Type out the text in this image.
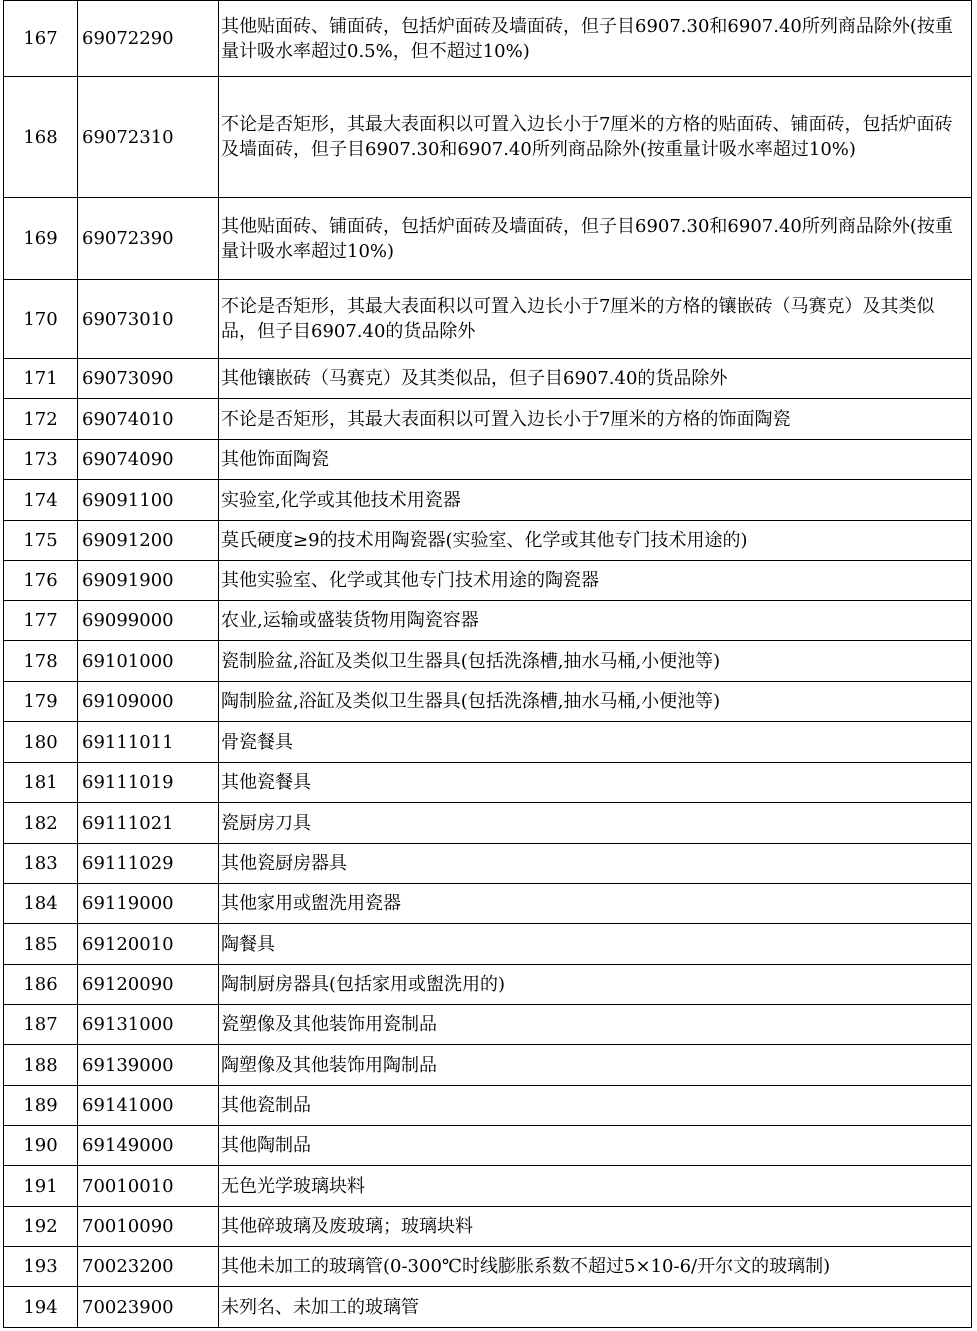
167	69072290	其他贴面砖、铺面砖，包括炉面砖及墙面砖，但子目6907.30和6907.40所列商品除外(按重量计吸水率超过0.5%，但不超过10%)
168	69072310	不论是否矩形，其最大表面积以可置入边长小于7厘米的方格的贴面砖、铺面砖，包括炉面砖及墙面砖，但子目6907.30和6907.40所列商品除外(按重量计吸水率超过10%)
169	69072390	其他贴面砖、铺面砖，包括炉面砖及墙面砖，但子目6907.30和6907.40所列商品除外(按重量计吸水率超过10%)
170	69073010	不论是否矩形，其最大表面积以可置入边长小于7厘米的方格的镶嵌砖（马赛克）及其类似品，但子目6907.40的货品除外
171	69073090	其他镶嵌砖（马赛克）及其类似品，但子目6907.40的货品除外
172	69074010	不论是否矩形，其最大表面积以可置入边长小于7厘米的方格的饰面陶瓷
173	69074090	其他饰面陶瓷
174	69091100	实验室,化学或其他技术用瓷器
175	69091200	莫氏硬度≥9的技术用陶瓷器(实验室、化学或其他专门技术用途的)
176	69091900	其他实验室、化学或其他专门技术用途的陶瓷器
177	69099000	农业,运输或盛装货物用陶瓷容器
178	69101000	瓷制脸盆,浴缸及类似卫生器具(包括洗涤槽,抽水马桶,小便池等)
179	69109000	陶制脸盆,浴缸及类似卫生器具(包括洗涤槽,抽水马桶,小便池等)
180	69111011	骨瓷餐具
181	69111019	其他瓷餐具
182	69111021	瓷厨房刀具
183	69111029	其他瓷厨房器具
184	69119000	其他家用或盥洗用瓷器
185	69120010	陶餐具
186	69120090	陶制厨房器具(包括家用或盥洗用的)
187	69131000	瓷塑像及其他装饰用瓷制品
188	69139000	陶塑像及其他装饰用陶制品
189	69141000	其他瓷制品
190	69149000	其他陶制品
191	70010010	无色光学玻璃块料
192	70010090	其他碎玻璃及废玻璃；玻璃块料
193	70023200	其他未加工的玻璃管(0-300℃时线膨胀系数不超过5×10-6/开尔文的玻璃制)
194	70023900	未列名、未加工的玻璃管
